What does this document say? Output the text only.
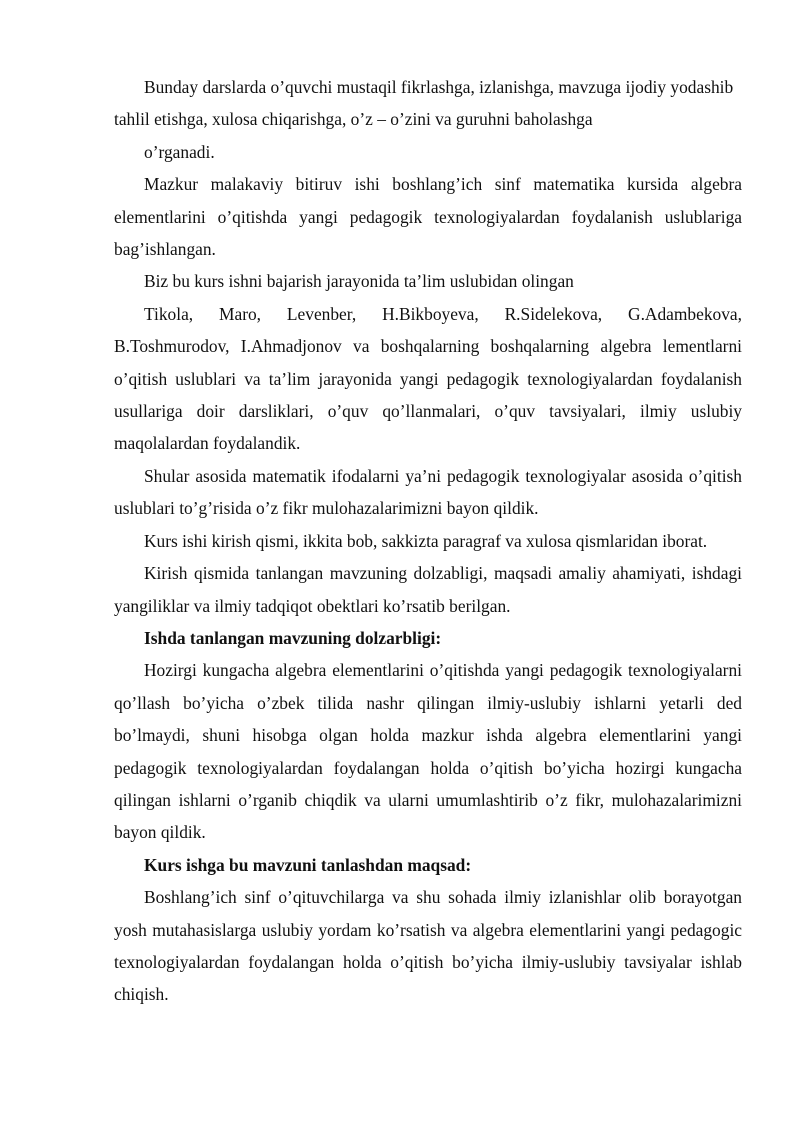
Bunday darslarda o’quvchi mustaqil fikrlashga, izlanishga, mavzuga ijodiy yodashib tahlil etishga, xulosa chiqarishga, o’z – o’zini va guruhni baholashga

o’rganadi.

Mazkur malakaviy bitiruv ishi boshlang’ich sinf matematika kursida algebra elementlarini o’qitishda yangi pedagogik texnologiyalardan foydalanish uslublariga bag’ishlangan.

Biz bu kurs ishni bajarish jarayonida ta’lim uslubidan olingan

Tikola, Maro, Levenber, H.Bikboyeva, R.Sidelekova, G.Adambekova, B.Toshmurodov, I.Ahmadjonov va boshqalarning boshqalarning algebra lementlarni o’qitish uslublari va ta’lim jarayonida yangi pedagogik texnologiyalardan foydalanish usullariga doir darsliklari, o’quv qo’llanmalari, o’quv tavsiyalari, ilmiy uslubiy maqolalardan foydalandik.

Shular asosida matematik ifodalarni ya’ni pedagogik texnologiyalar asosida o’qitish uslublari to’g’risida o’z fikr mulohazalarimizni bayon qildik.

Kurs ishi kirish qismi, ikkita bob, sakkizta paragraf va xulosa qismlaridan iborat.

Kirish qismida tanlangan mavzuning dolzabligi, maqsadi amaliy ahamiyati, ishdagi yangiliklar va ilmiy tadqiqot obektlari ko’rsatib berilgan.

Ishda tanlangan mavzuning dolzarbligi:

Hozirgi kungacha algebra elementlarini o’qitishda yangi pedagogik texnologiyalarni qo’llash bo’yicha o’zbek tilida nashr qilingan ilmiy-uslubiy ishlarni yetarli ded bo’lmaydi, shuni hisobga olgan holda mazkur ishda algebra elementlarini yangi pedagogik texnologiyalardan foydalangan holda o’qitish bo’yicha hozirgi kungacha qilingan ishlarni o’rganib chiqdik va ularni umumlashtirib o’z fikr, mulohazalarimizni bayon qildik.

Kurs ishga bu mavzuni tanlashdan maqsad:

Boshlang’ich sinf o’qituvchilarga va shu sohada ilmiy izlanishlar olib borayotgan yosh mutahasislarga uslubiy yordam ko’rsatish va algebra elementlarini yangi pedagogic texnologiyalardan foydalangan holda o’qitish bo’yicha ilmiy-uslubiy tavsiyalar ishlab chiqish.
